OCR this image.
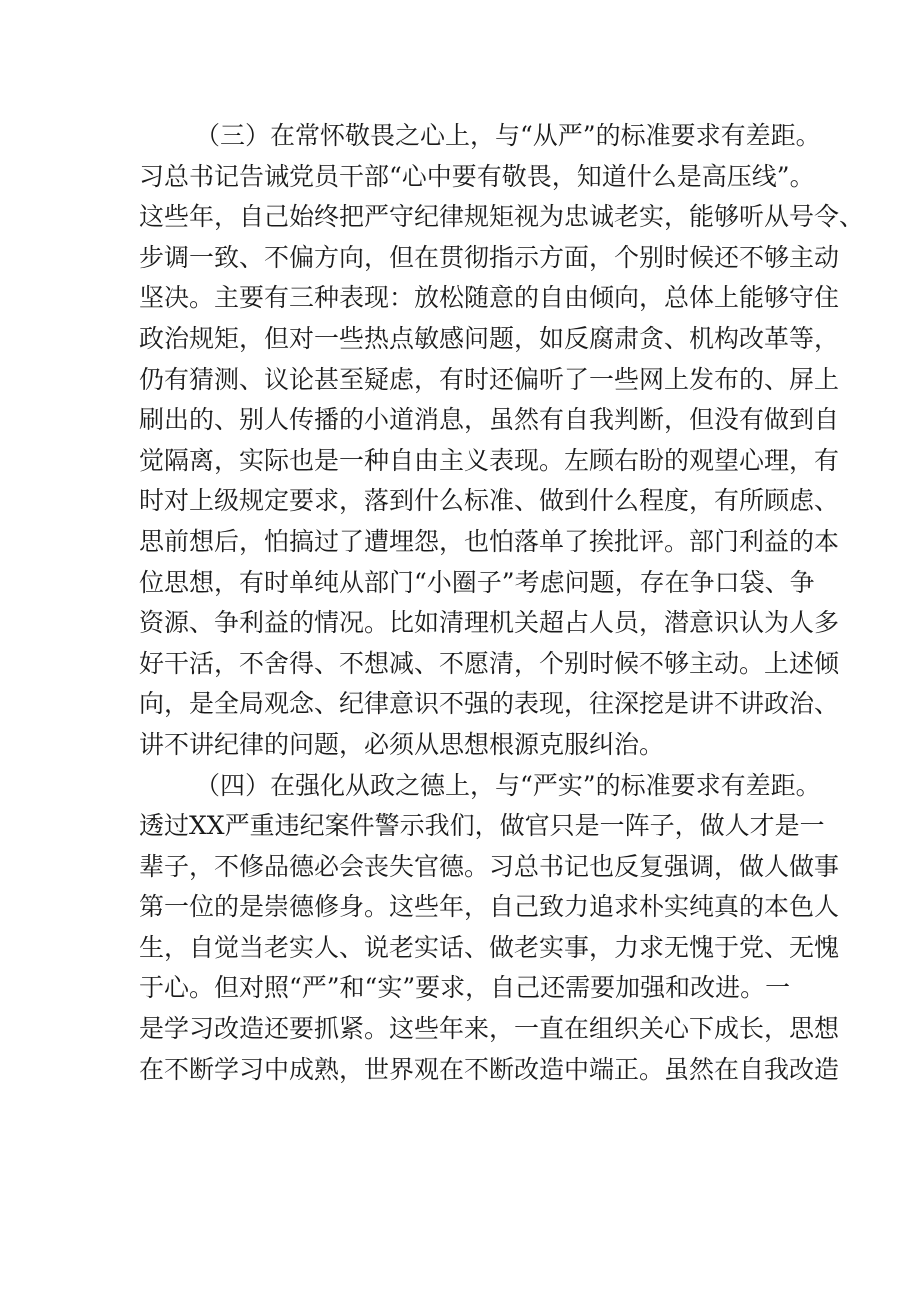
（三）在常怀敬畏之心上，与“从严”的标准要求有差距。
习总书记告诫党员干部“心中要有敬畏，知道什么是高压线”。
这些年，自己始终把严守纪律规矩视为忠诚老实，能够听从号令、
步调一致、不偏方向，但在贯彻指示方面，个别时候还不够主动
坚决。主要有三种表现：放松随意的自由倾向，总体上能够守住
政治规矩，但对一些热点敏感问题，如反腐肃贪、机构改革等，
仍有猜测、议论甚至疑虑，有时还偏听了一些网上发布的、屏上
刷出的、别人传播的小道消息，虽然有自我判断，但没有做到自
觉隔离，实际也是一种自由主义表现。左顾右盼的观望心理，有
时对上级规定要求，落到什么标准、做到什么程度，有所顾虑、
思前想后，怕搞过了遭埋怨，也怕落单了挨批评。部门利益的本
位思想，有时单纯从部门“小圈子”考虑问题，存在争口袋、争
资源、争利益的情况。比如清理机关超占人员，潜意识认为人多
好干活，不舍得、不想减、不愿清，个别时候不够主动。上述倾
向，是全局观念、纪律意识不强的表现，往深挖是讲不讲政治、
讲不讲纪律的问题，必须从思想根源克服纠治。

（四）在强化从政之德上，与“严实”的标准要求有差距。
透过XX严重违纪案件警示我们，做官只是一阵子，做人才是一
辈子，不修品德必会丧失官德。习总书记也反复强调，做人做事
第一位的是崇德修身。这些年，自己致力追求朴实纯真的本色人
生，自觉当老实人、说老实话、做老实事，力求无愧于党、无愧
于心。但对照“严”和“实”要求，自己还需要加强和改进。一
是学习改造还要抓紧。这些年来，一直在组织关心下成长，思想
在不断学习中成熟，世界观在不断改造中端正。虽然在自我改造
